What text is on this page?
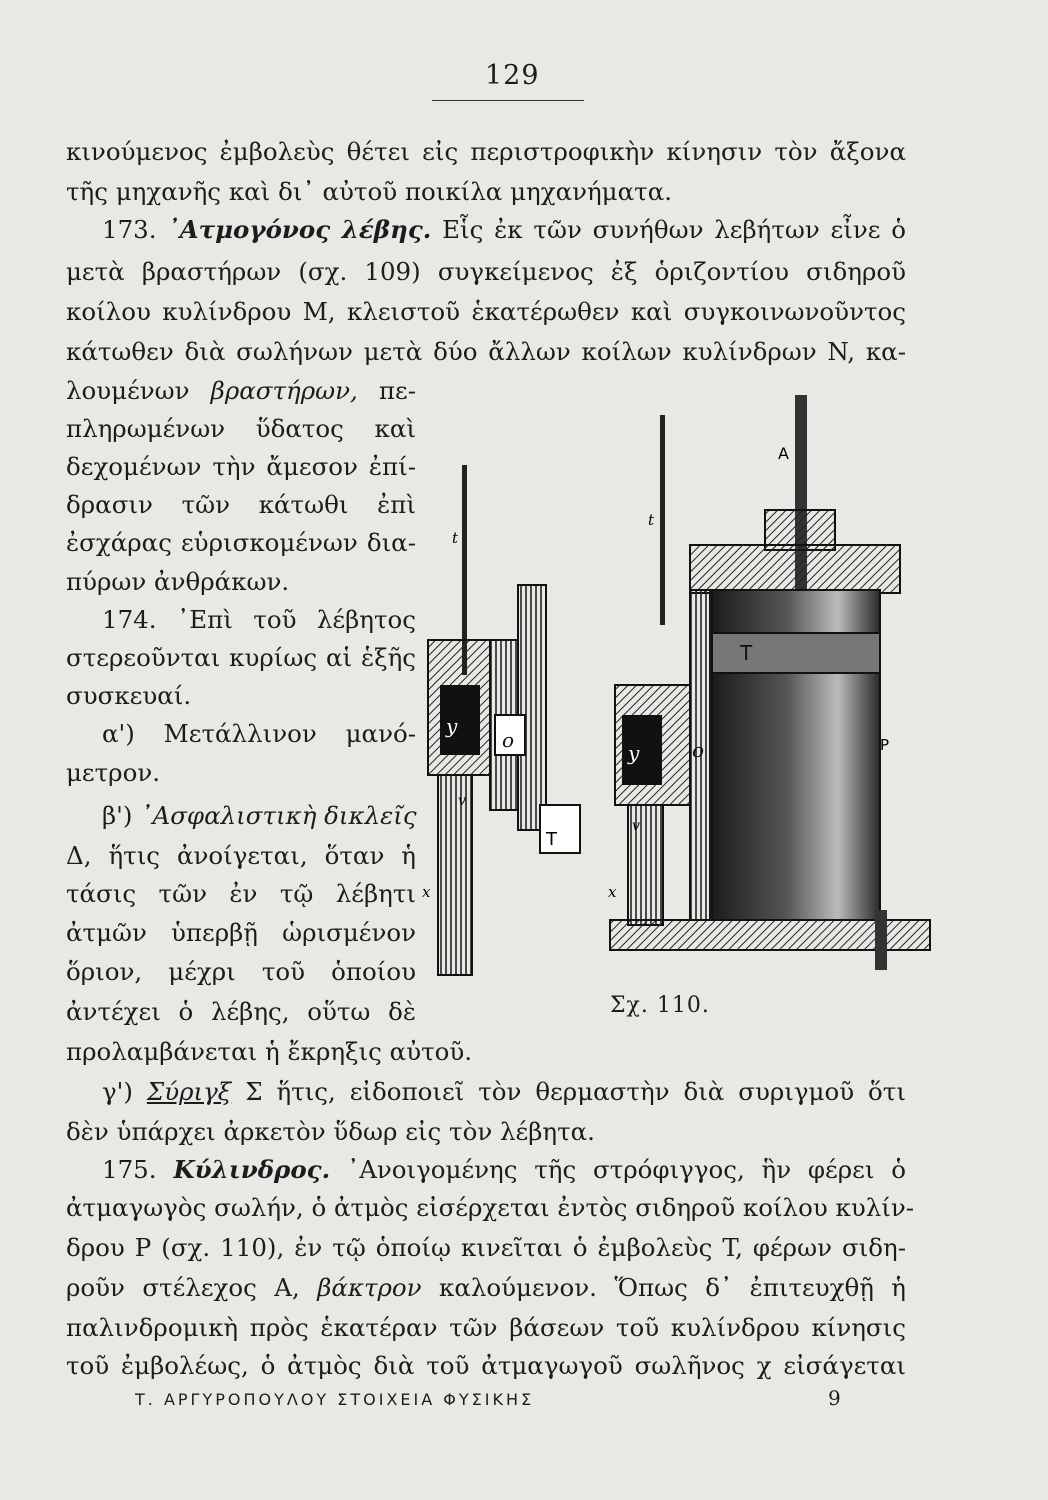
129
κινούμενος ἐμβολεὺς θέτει εἰς περιστροφικὴν κίνησιν τὸν ἄξονα
τῆς μηχανῆς καὶ δι᾽ αὐτοῦ ποικίλα μηχανήματα.
173. ᾿Ατμογόνος λέβης. Εἷς ἐκ τῶν συνήθων λεβήτων εἶνε ὁ
μετὰ βραστήρων (σχ. 109) συγκείμενος ἐξ ὁριζοντίου σιδηροῦ
κοίλου κυλίνδρου M, κλειστοῦ ἑκατέρωθεν καὶ συγκοινωνοῦντος
κάτωθεν διὰ σωλήνων μετὰ δύο ἄλλων κοίλων κυλίνδρων N, κα-
λουμένων βραστήρων, πε-
πληρωμένων ὕδατος καὶ
δεχομένων τὴν ἄμεσον ἐπί-
δρασιν τῶν κάτωθι ἐπὶ
ἐσχάρας εὑρισκομένων δια-
πύρων ἀνθράκων.
174. ᾿Επὶ τοῦ λέβητος
στερεοῦνται κυρίως αἱ ἑξῆς
συσκευαί.
α') Μετάλλινον μανό-
μετρον.
β') ᾿Ασφαλιστικὴ δικλεῖς
Δ, ἥτις ἀνοίγεται, ὅταν ἡ
τάσις τῶν ἐν τῷ λέβητι
ἀτμῶν ὑπερβῇ ὡρισμένον
ὅριον, μέχρι τοῦ ὁποίου
ἀντέχει ὁ λέβης, οὕτω δὲ
προλαμβάνεται ἡ ἔκρηξις αὐτοῦ.
γ') Σύριγξ Σ ἥτις, εἰδοποιεῖ τὸν θερμαστὴν διὰ συριγμοῦ ὅτι
δὲν ὑπάρχει ἀρκετὸν ὕδωρ εἰς τὸν λέβητα.
175. Κύλινδρος. ᾿Ανοιγομένης τῆς στρόφιγγος, ἣν φέρει ὁ
ἀτμαγωγὸς σωλήν, ὁ ἀτμὸς εἰσέρχεται ἐντὸς σιδηροῦ κοίλου κυλίν-
δρου P (σχ. 110), ἐν τῷ ὁποίῳ κινεῖται ὁ ἐμβολεὺς T, φέρων σιδη-
ροῦν στέλεχος A, βάκτρον καλούμενον. Ὅπως δ᾽ ἐπιτευχθῇ ἡ
παλινδρομικὴ πρὸς ἑκατέραν τῶν βάσεων τοῦ κυλίνδρου κίνησις
τοῦ ἐμβολέως, ὁ ἀτμὸς διὰ τοῦ ἀτμαγωγοῦ σωλῆνος χ εἰσάγεται
A
t
t
T
T
P
y
o
y	o
x	x
v
v
Σχ. 110.
Τ. ΑΡΓΥΡΟΠΟΥΛΟΥ ΣΤΟΙΧΕΙΑ ΦΥΣΙΚΗΣ	9
